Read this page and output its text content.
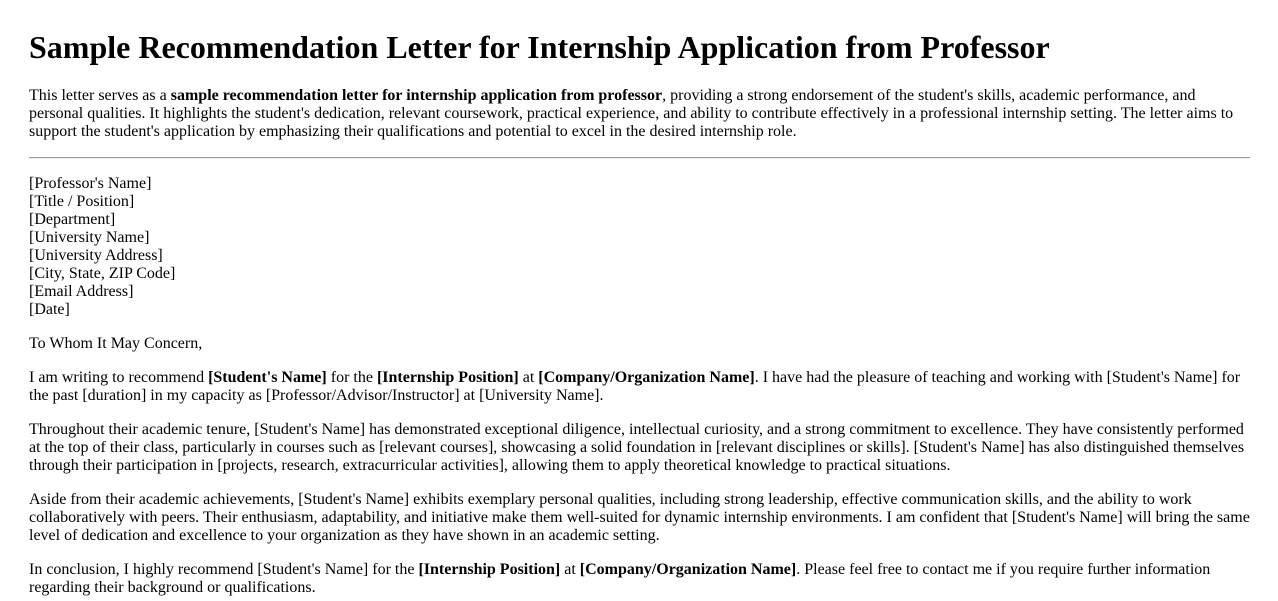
Sample Recommendation Letter for Internship Application from Professor

This letter serves as a sample recommendation letter for internship application from professor, providing a strong endorsement of the student's skills, academic performance, and personal qualities. It highlights the student's dedication, relevant coursework, practical experience, and ability to contribute effectively in a professional internship setting. The letter aims to support the student's application by emphasizing their qualifications and potential to excel in the desired internship role.

[Professor's Name]
[Title / Position]
[Department]
[University Name]
[University Address]
[City, State, ZIP Code]
[Email Address]
[Date]

To Whom It May Concern,

I am writing to recommend [Student's Name] for the [Internship Position] at [Company/Organization Name]. I have had the pleasure of teaching and working with [Student's Name] for the past [duration] in my capacity as [Professor/Advisor/Instructor] at [University Name].

Throughout their academic tenure, [Student's Name] has demonstrated exceptional diligence, intellectual curiosity, and a strong commitment to excellence. They have consistently performed at the top of their class, particularly in courses such as [relevant courses], showcasing a solid foundation in [relevant disciplines or skills]. [Student's Name] has also distinguished themselves through their participation in [projects, research, extracurricular activities], allowing them to apply theoretical knowledge to practical situations.

Aside from their academic achievements, [Student's Name] exhibits exemplary personal qualities, including strong leadership, effective communication skills, and the ability to work collaboratively with peers. Their enthusiasm, adaptability, and initiative make them well-suited for dynamic internship environments. I am confident that [Student's Name] will bring the same level of dedication and excellence to your organization as they have shown in an academic setting.

In conclusion, I highly recommend [Student's Name] for the [Internship Position] at [Company/Organization Name]. Please feel free to contact me if you require further information regarding their background or qualifications.
